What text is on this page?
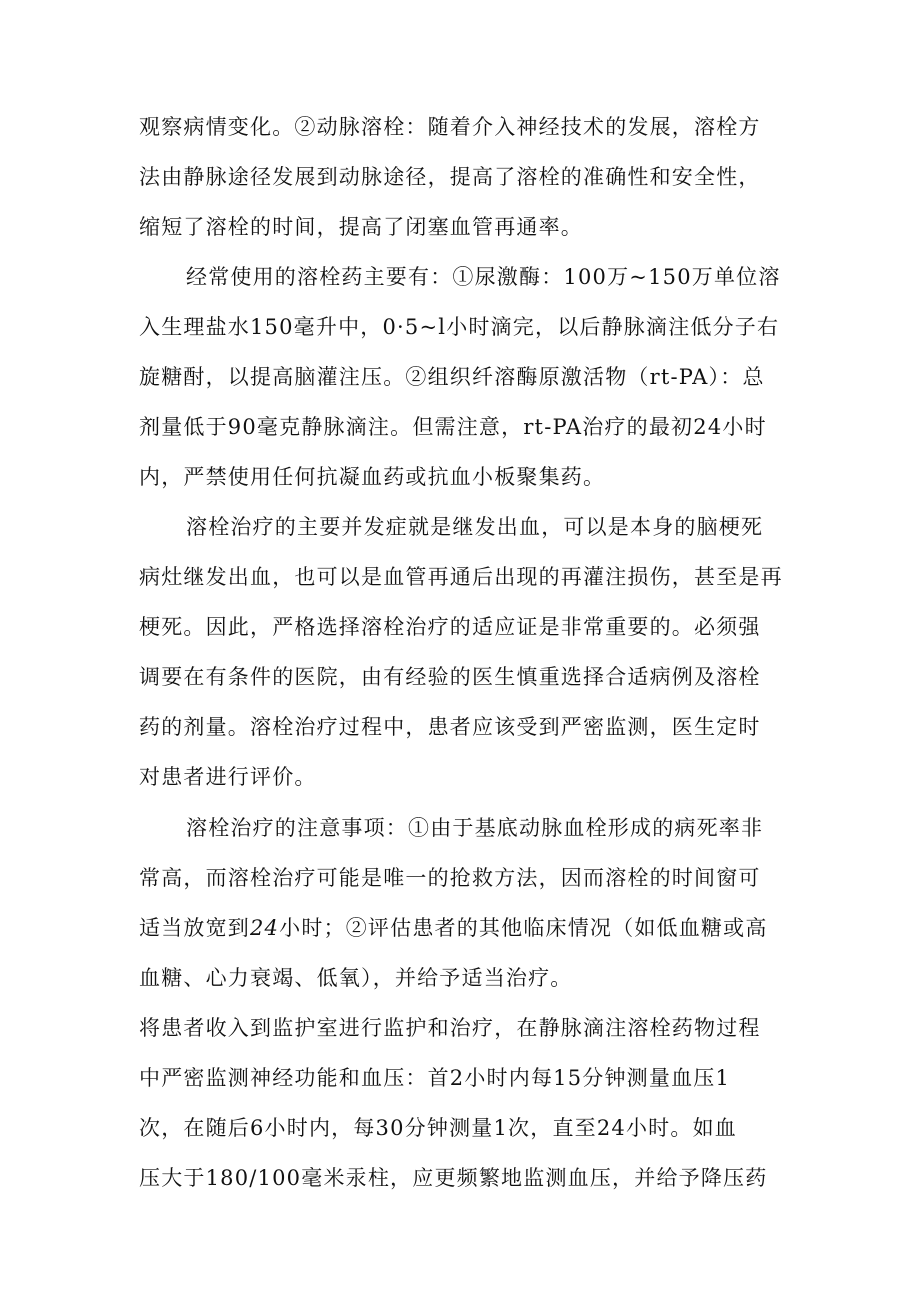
观察病情变化。②动脉溶栓：随着介入神经技术的发展，溶栓方
法由静脉途径发展到动脉途径，提高了溶栓的准确性和安全性，
缩短了溶栓的时间，提高了闭塞血管再通率。
经常使用的溶栓药主要有：①尿激酶：100万~150万单位溶
入生理盐水150毫升中，0·5~l小时滴完，以后静脉滴注低分子右
旋糖酎，以提高脑灌注压。②组织纤溶酶原激活物（rt-PA）：总
剂量低于90毫克静脉滴注。但需注意，rt-PA治疗的最初24小时
内，严禁使用任何抗凝血药或抗血小板聚集药。
溶栓治疗的主要并发症就是继发出血，可以是本身的脑梗死
病灶继发出血，也可以是血管再通后出现的再灌注损伤，甚至是再
梗死。因此，严格选择溶栓治疗的适应证是非常重要的。必须强
调要在有条件的医院，由有经验的医生慎重选择合适病例及溶栓
药的剂量。溶栓治疗过程中，患者应该受到严密监测，医生定时
对患者进行评价。
溶栓治疗的注意事项：①由于基底动脉血栓形成的病死率非
常高，而溶栓治疗可能是唯一的抢救方法，因而溶栓的时间窗可
适当放宽到24小时；②评估患者的其他临床情况（如低血糖或高
血糖、心力衰竭、低氧），并给予适当治疗。
将患者收入到监护室进行监护和治疗，在静脉滴注溶栓药物过程
中严密监测神经功能和血压：首2小时内每15分钟测量血压1
次，在随后6小时内，每30分钟测量1次，直至24小时。如血
压大于180/100毫米汞柱，应更频繁地监测血压，并给予降压药
